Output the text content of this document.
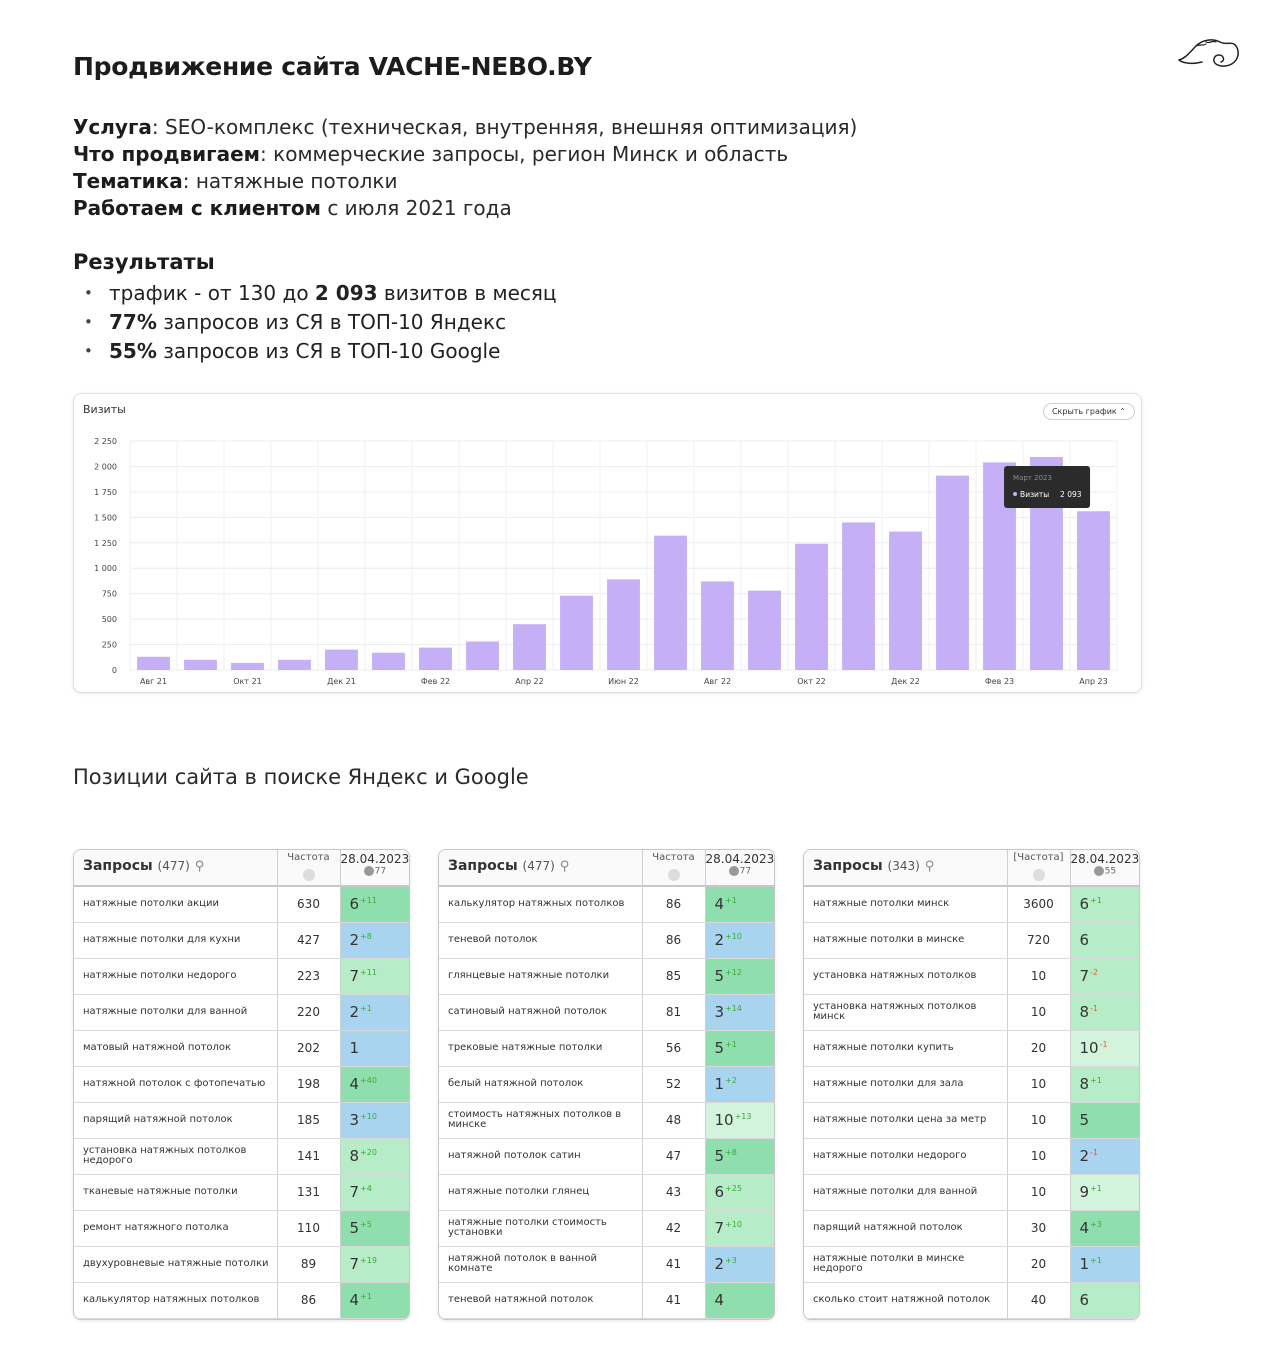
Продвижение сайта VACHE-NEBO.BY
Услуга: SEO-комплекс (техническая, внутренняя, внешняя оптимизация)
Что продвигаем: коммерческие запросы, регион Минск и область
Тематика: натяжные потолки
Работаем с клиентом с июля 2021 года
Результаты
• трафик - от 130 до 2 093 визитов в месяц
• 77% запросов из СЯ в ТОП-10 Яндекс
• 55% запросов из СЯ в ТОП-10 Google
0
250
500
750
1 000
1 250
1 500
1 750
2 000
2 250
Авг 21	Окт 21	Дек 21	Фев 22	Апр 22	Июн 22	Авг 22	Окт 22	Дек 22	Фев 23	Апр 23
Март 2023
Визиты 2 093
Визиты	Скрыть график ⌃
Позиции сайта в поиске Яндекс и Google
Запросы (477) ⚲	Частота	28.04.2023
77

натяжные потолки акции	630	$6^{+11}$
натяжные потолки для кухни	427	$2^{+8}$
натяжные потолки недорого	223	$7^{+11}$
натяжные потолки для ванной	220	$2^{+1}$
матовый натяжной потолок	202	1
натяжной потолок с фотопечатью	198	$4^{+40}$
парящий натяжной потолок	185	$3^{+10}$
установка натяжных потолков недорого	141	$8^{+20}$
тканевые натяжные потолки	131	$7^{+4}$
ремонт натяжного потолка	110	$5^{+5}$
двухуровневые натяжные потолки	89	$7^{+19}$
калькулятор натяжных потолков	86	$4^{+1}$
Запросы (477) ⚲	Частота	28.04.2023
77

калькулятор натяжных потолков	86	$4^{+1}$
теневой потолок	86	$2^{+10}$
глянцевые натяжные потолки	85	$5^{+12}$
сатиновый натяжной потолок	81	$3^{+14}$
трековые натяжные потолки	56	$5^{+1}$
белый натяжной потолок	52	$1^{+2}$
стоимость натяжных потолков в минске	48	$10^{+13}$
натяжной потолок сатин	47	$5^{+8}$
натяжные потолки глянец	43	$6^{+25}$
натяжные потолки стоимость установки	42	$7^{+10}$
натяжной потолок в ванной комнате	41	$2^{+3}$
теневой натяжной потолок	41	4
Запросы (343) ⚲	[Частота]	28.04.2023
55

натяжные потолки минск	3600	$6^{+1}$
натяжные потолки в минске	720	6
установка натяжных потолков	10	$7^{-2}$
установка натяжных потолков минск	10	$8^{-1}$
натяжные потолки купить	20	$10^{-1}$
натяжные потолки для зала	10	$8^{+1}$
натяжные потолки цена за метр	10	5
натяжные потолки недорого	10	$2^{-1}$
натяжные потолки для ванной	10	$9^{+1}$
парящий натяжной потолок	30	$4^{+3}$
натяжные потолки в минске недорого	20	$1^{+1}$
сколько стоит натяжной потолок	40	6
